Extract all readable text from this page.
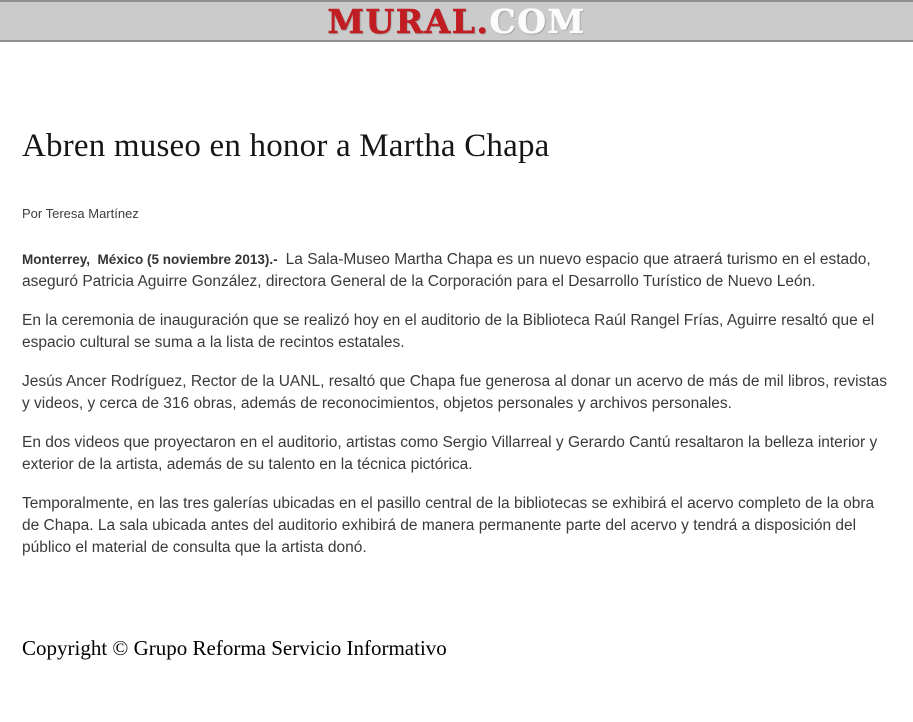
MURAL.COM
Abren museo en honor a Martha Chapa

Por Teresa Martínez

Monterrey,  México (5 noviembre 2013).-  La Sala-Museo Martha Chapa es un nuevo espacio que atraerá turismo en el estado, aseguró Patricia Aguirre González, directora General de la Corporación para el Desarrollo Turístico de Nuevo León.

En la ceremonia de inauguración que se realizó hoy en el auditorio de la Biblioteca Raúl Rangel Frías, Aguirre resaltó que el espacio cultural se suma a la lista de recintos estatales.

Jesús Ancer Rodríguez, Rector de la UANL, resaltó que Chapa fue generosa al donar un acervo de más de mil libros, revistas y videos, y cerca de 316 obras, además de reconocimientos, objetos personales y archivos personales.

En dos videos que proyectaron en el auditorio, artistas como Sergio Villarreal y Gerardo Cantú resaltaron la belleza interior y exterior de la artista, además de su talento en la técnica pictórica.

Temporalmente, en las tres galerías ubicadas en el pasillo central de la bibliotecas se exhibirá el acervo completo de la obra de Chapa. La sala ubicada antes del auditorio exhibirá de manera permanente parte del acervo y tendrá a disposición del público el material de consulta que la artista donó.

Copyright © Grupo Reforma Servicio Informativo
